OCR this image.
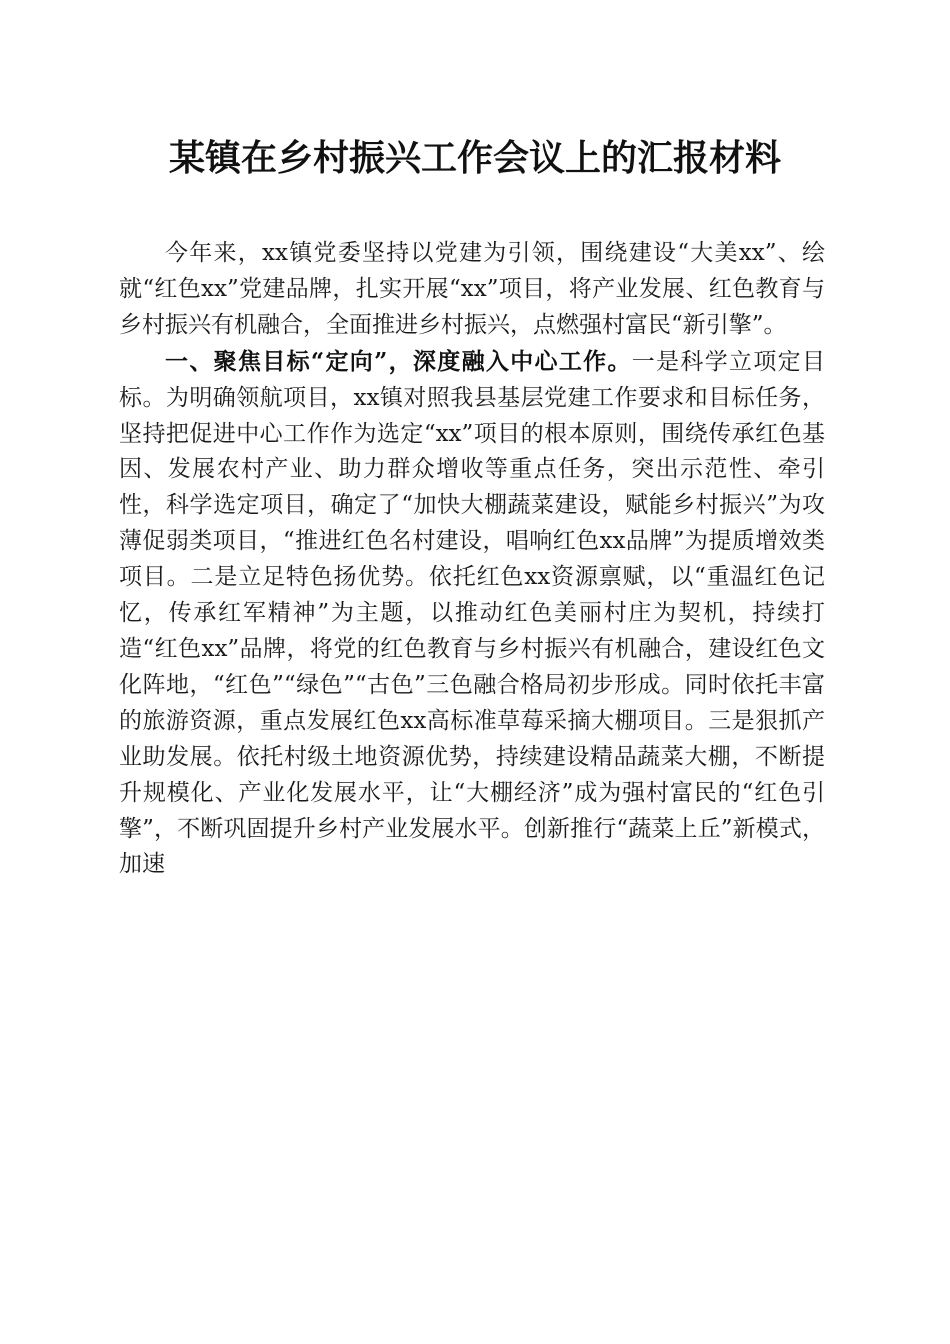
某镇在乡村振兴工作会议上的汇报材料

今年来，xx镇党委坚持以党建为引领，围绕建设“大美xx”、绘就“红色xx”党建品牌，扎实开展“xx”项目，将产业发展、红色教育与乡村振兴有机融合，全面推进乡村振兴，点燃强村富民“新引擎”。

一、聚焦目标“定向”，深度融入中心工作。一是科学立项定目标。为明确领航项目，xx镇对照我县基层党建工作要求和目标任务，坚持把促进中心工作作为选定“xx”项目的根本原则，围绕传承红色基因、发展农村产业、助力群众增收等重点任务，突出示范性、牵引性，科学选定项目，确定了“加快大棚蔬菜建设，赋能乡村振兴”为攻薄促弱类项目，“推进红色名村建设，唱响红色xx品牌”为提质增效类项目。二是立足特色扬优势。依托红色xx资源禀赋，以“重温红色记忆，传承红军精神”为主题，以推动红色美丽村庄为契机，持续打造“红色xx”品牌，将党的红色教育与乡村振兴有机融合，建设红色文化阵地，“红色”“绿色”“古色”三色融合格局初步形成。同时依托丰富的旅游资源，重点发展红色xx高标准草莓采摘大棚项目。三是狠抓产业助发展。依托村级土地资源优势，持续建设精品蔬菜大棚，不断提升规模化、产业化发展水平，让“大棚经济”成为强村富民的“红色引擎”，不断巩固提升乡村产业发展水平。创新推行“蔬菜上丘”新模式，加速
